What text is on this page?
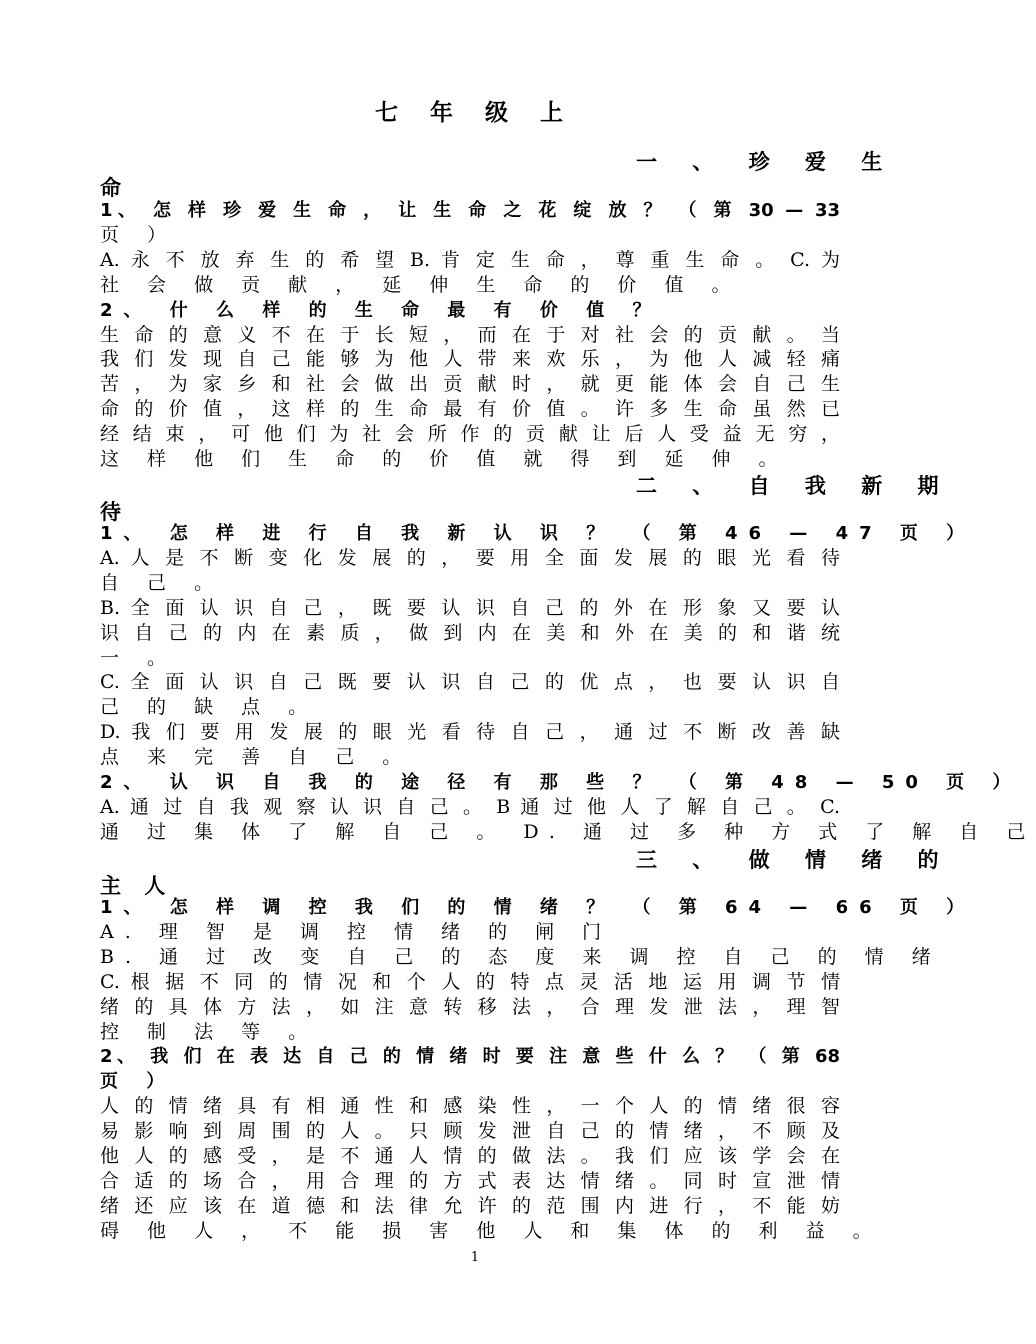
七 年 级 上
一 、 珍 爱 生
命
1、 怎 样 珍 爱 生 命 ， 让 生 命 之 花 绽 放 ？ （ 第 30 — 33
页 ）
A. 永 不 放 弃 生 的 希 望 B. 肯 定 生 命 ， 尊 重 生 命 。 C. 为
社 会 做 贡 献 ， 延 伸 生 命 的 价 值 。
2、 什 么 样 的 生 命 最 有 价 值 ？
生 命 的 意 义 不 在 于 长 短 ， 而 在 于 对 社 会 的 贡 献 。 当
我 们 发 现 自 己 能 够 为 他 人 带 来 欢 乐 ， 为 他 人 减 轻 痛
苦 ， 为 家 乡 和 社 会 做 出 贡 献 时 ， 就 更 能 体 会 自 己 生
命 的 价 值 ， 这 样 的 生 命 最 有 价 值 。 许 多 生 命 虽 然 已
经 结 束 ， 可 他 们 为 社 会 所 作 的 贡 献 让 后 人 受 益 无 穷 ，
这 样 他 们 生 命 的 价 值 就 得 到 延 伸 。
二 、 自 我 新 期
待
1、 怎 样 进 行 自 我 新 认 识 ？ （ 第 46 — 47 页 ）
A. 人 是 不 断 变 化 发 展 的 ， 要 用 全 面 发 展 的 眼 光 看 待
自 己 。
B. 全 面 认 识 自 己 ， 既 要 认 识 自 己 的 外 在 形 象 又 要 认
识 自 己 的 内 在 素 质 ， 做 到 内 在 美 和 外 在 美 的 和 谐 统
一 。
C. 全 面 认 识 自 己 既 要 认 识 自 己 的 优 点 ， 也 要 认 识 自
己 的 缺 点 。
D. 我 们 要 用 发 展 的 眼 光 看 待 自 己 ， 通 过 不 断 改 善 缺
点 来 完 善 自 己 。
2、 认 识 自 我 的 途 径 有 那 些 ？ （ 第 48 — 50 页 ）
A. 通 过 自 我 观 察 认 识 自 己 。 B 通 过 他 人 了 解 自 己 。 C.
通 过 集 体 了 解 自 己 。 D. 通 过 多 种 方 式 了 解 自 己
三 、 做 情 绪 的
主 人
1、 怎 样 调 控 我 们 的 情 绪 ？ （ 第 64 — 66 页 ）
A. 理 智 是 调 控 情 绪 的 闸 门
B. 通 过 改 变 自 己 的 态 度 来 调 控 自 己 的 情 绪
C. 根 据 不 同 的 情 况 和 个 人 的 特 点 灵 活 地 运 用 调 节 情
绪 的 具 体 方 法 ， 如 注 意 转 移 法 ， 合 理 发 泄 法 ， 理 智
控 制 法 等 。
2、 我 们 在 表 达 自 己 的 情 绪 时 要 注 意 些 什 么 ？ （ 第 68
页 ）
人 的 情 绪 具 有 相 通 性 和 感 染 性 ， 一 个 人 的 情 绪 很 容
易 影 响 到 周 围 的 人 。 只 顾 发 泄 自 己 的 情 绪 ， 不 顾 及
他 人 的 感 受 ， 是 不 通 人 情 的 做 法 。 我 们 应 该 学 会 在
合 适 的 场 合 ， 用 合 理 的 方 式 表 达 情 绪 。 同 时 宣 泄 情
绪 还 应 该 在 道 德 和 法 律 允 许 的 范 围 内 进 行 ， 不 能 妨
碍 他 人 ， 不 能 损 害 他 人 和 集 体 的 利 益 。
1
